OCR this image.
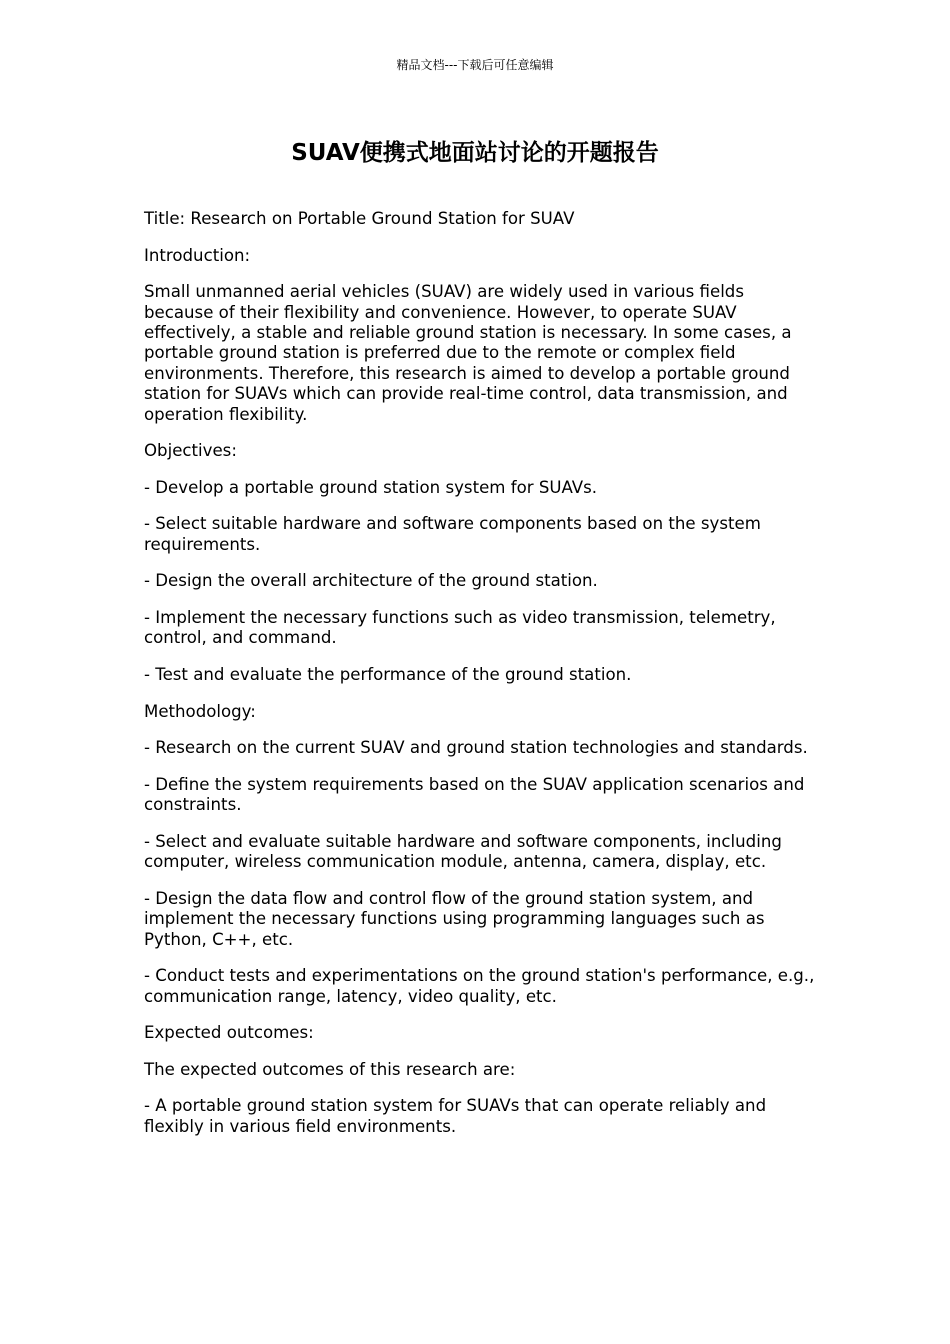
精品文档---下载后可任意编辑
SUAV便携式地面站讨论的开题报告

Title: Research on Portable Ground Station for SUAV

Introduction:

Small unmanned aerial vehicles (SUAV) are widely used in various fields because of their flexibility and convenience. However, to operate SUAV effectively, a stable and reliable ground station is necessary. In some cases, a portable ground station is preferred due to the remote or complex field environments. Therefore, this research is aimed to develop a portable ground station for SUAVs which can provide real-time control, data transmission, and operation flexibility.

Objectives:

- Develop a portable ground station system for SUAVs.

- Select suitable hardware and software components based on the system requirements.

- Design the overall architecture of the ground station.

- Implement the necessary functions such as video transmission, telemetry, control, and command.

- Test and evaluate the performance of the ground station.

Methodology:

- Research on the current SUAV and ground station technologies and standards.

- Define the system requirements based on the SUAV application scenarios and constraints.

- Select and evaluate suitable hardware and software components, including computer, wireless communication module, antenna, camera, display, etc.

- Design the data flow and control flow of the ground station system, and implement the necessary functions using programming languages such as Python, C++, etc.

- Conduct tests and experimentations on the ground station's performance, e.g., communication range, latency, video quality, etc.

Expected outcomes:

The expected outcomes of this research are:

- A portable ground station system for SUAVs that can operate reliably and flexibly in various field environments.
